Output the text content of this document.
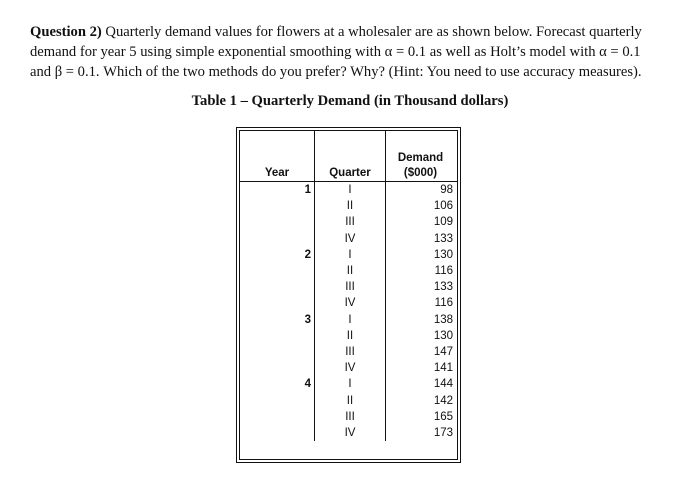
Question 2) Quarterly demand values for flowers at a wholesaler are as shown below. Forecast quarterly
demand for year 5 using simple exponential smoothing with α = 0.1 as well as Holt’s model with α = 0.1
and β = 0.1. Which of the two methods do you prefer? Why? (Hint: You need to use accuracy measures).

Table 1 – Quarterly Demand (in Thousand dollars)

Year	Quarter	Demand
($000)
1	I	98
	II	106
	III	109
	IV	133
2	I	130
	II	116
	III	133
	IV	116
3	I	138
	II	130
	III	147
	IV	141
4	I	144
	II	142
	III	165
	IV	173
